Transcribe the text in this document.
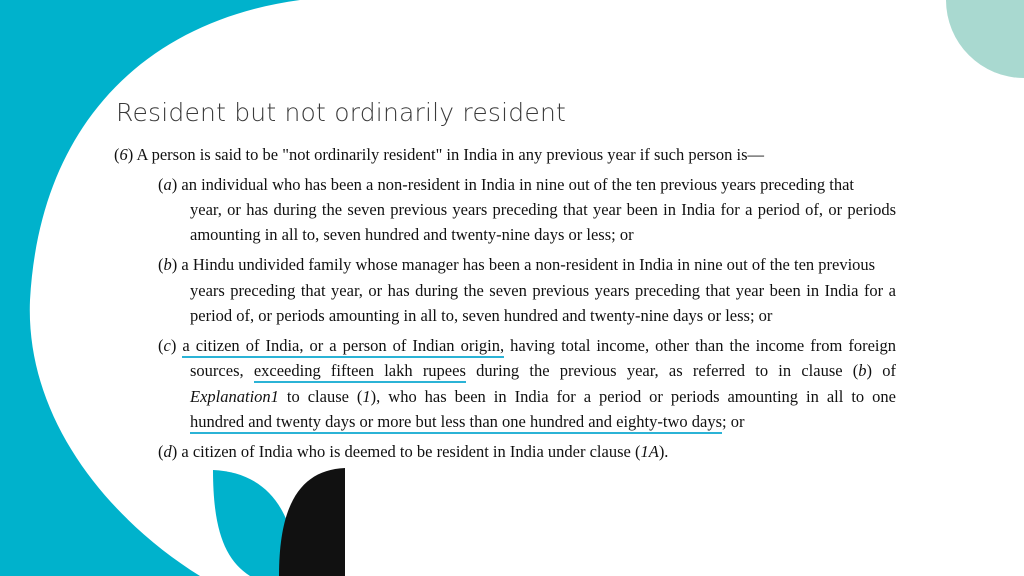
Resident but not ordinarily resident
(6) A person is said to be "not ordinarily resident" in India in any previous year if such person is—
(a) an individual who has been a non-resident in India in nine out of the ten previous years preceding that
year, or has during the seven previous years preceding that year been in India for a period of, or periods
amounting in all to, seven hundred and twenty-nine days or less; or
(b) a Hindu undivided family whose manager has been a non-resident in India in nine out of the ten previous
years preceding that year, or has during the seven previous years preceding that year been in India for a
period of, or periods amounting in all to, seven hundred and twenty-nine days or less; or
(c) a citizen of India, or a person of Indian origin, having total income, other than the income from foreign
sources, exceeding fifteen lakh rupees during the previous year, as referred to in clause (b) of
Explanation1 to clause (1), who has been in India for a period or periods amounting in all to one
hundred and twenty days or more but less than one hundred and eighty-two days; or
(d) a citizen of India who is deemed to be resident in India under clause (1A).
